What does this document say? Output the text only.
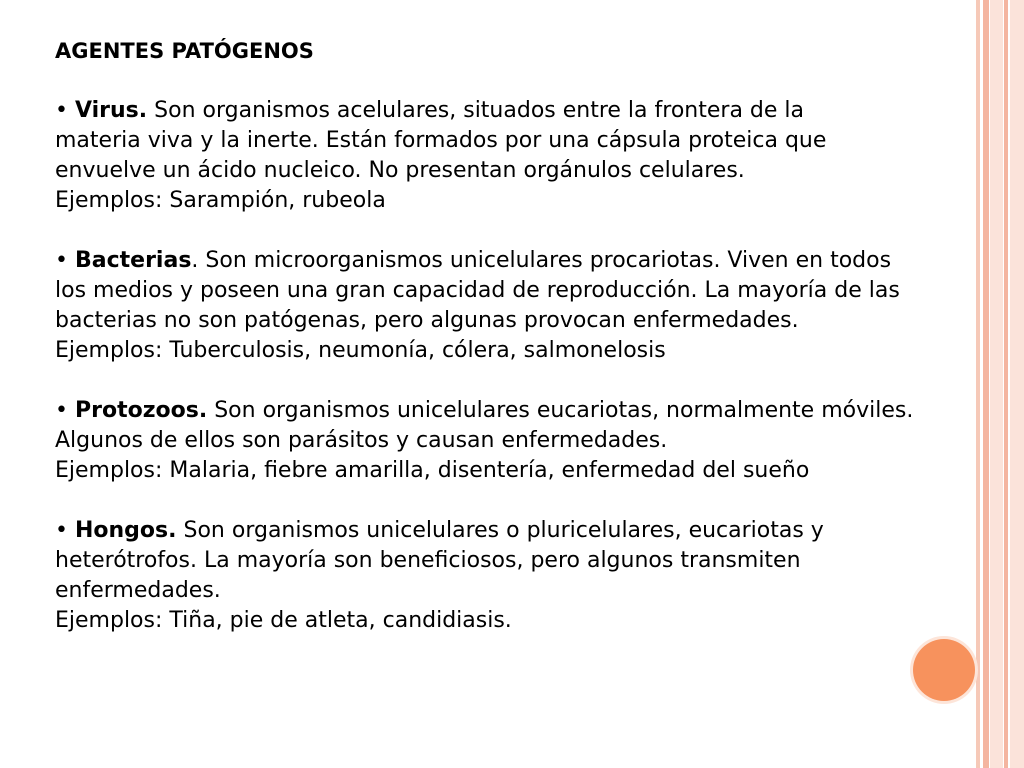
AGENTES PATÓGENOS
• Virus. Son organismos acelulares, situados entre la frontera de la
materia viva y la inerte. Están formados por una cápsula proteica que
envuelve un ácido nucleico. No presentan orgánulos celulares.
Ejemplos: Sarampión, rubeola
• Bacterias. Son microorganismos unicelulares procariotas. Viven en todos
los medios y poseen una gran capacidad de reproducción. La mayoría de las
bacterias no son patógenas, pero algunas provocan enfermedades.
Ejemplos: Tuberculosis, neumonía, cólera, salmonelosis
• Protozoos. Son organismos unicelulares eucariotas, normalmente móviles.
Algunos de ellos son parásitos y causan enfermedades.
Ejemplos: Malaria, fiebre amarilla, disentería, enfermedad del sueño
• Hongos. Son organismos unicelulares o pluricelulares, eucariotas y
heterótrofos. La mayoría son beneficiosos, pero algunos transmiten
enfermedades.
Ejemplos: Tiña, pie de atleta, candidiasis.
